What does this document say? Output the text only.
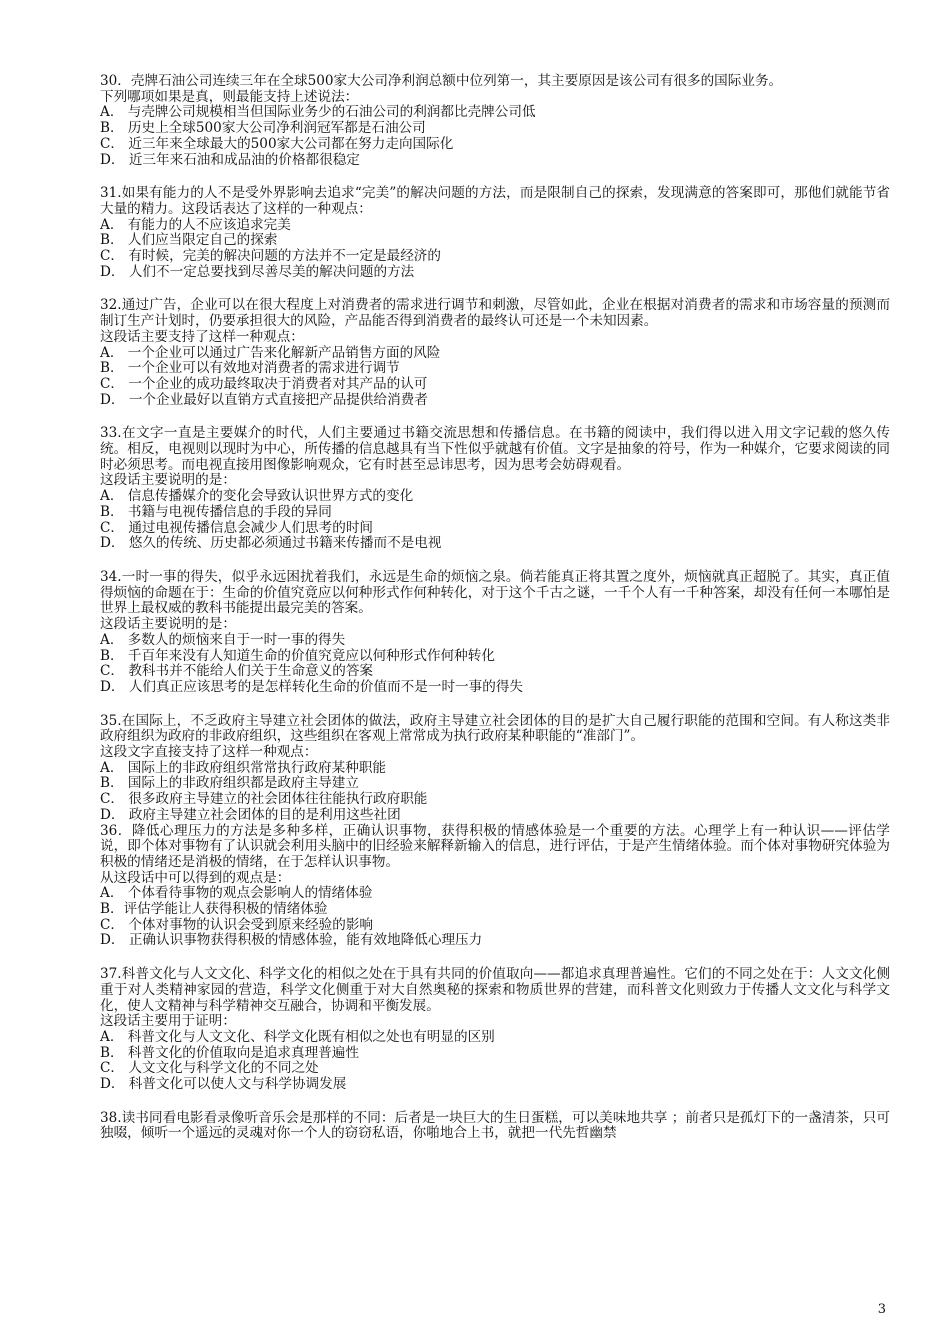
30．壳牌石油公司连续三年在全球500家大公司净利润总额中位列第一，其主要原因是该公司有很多的国际业务。
下列哪项如果是真，则最能支持上述说法：
A． 与壳牌公司规模相当但国际业务少的石油公司的利润都比壳牌公司低
B． 历史上全球500家大公司净利润冠军都是石油公司
C． 近三年来全球最大的500家大公司都在努力走向国际化
D． 近三年来石油和成品油的价格都很稳定
31.如果有能力的人不是受外界影响去追求“完美”的解决问题的方法，而是限制自己的探索，发现满意的答案即可，那他们就能节省大量的精力。这段话表达了这样的一种观点：
A． 有能力的人不应该追求完美
B． 人们应当限定自己的探索
C． 有时候，完美的解决问题的方法并不一定是最经济的
D． 人们不一定总要找到尽善尽美的解决问题的方法
32.通过广告，企业可以在很大程度上对消费者的需求进行调节和刺激，尽管如此，企业在根据对消费者的需求和市场容量的预测而制订生产计划时，仍要承担很大的风险，产品能否得到消费者的最终认可还是一个未知因素。
这段话主要支持了这样一种观点：
A． 一个企业可以通过广告来化解新产品销售方面的风险
B． 一个企业可以有效地对消费者的需求进行调节
C． 一个企业的成功最终取决于消费者对其产品的认可
D． 一个企业最好以直销方式直接把产品提供给消费者
33.在文字一直是主要媒介的时代，人们主要通过书籍交流思想和传播信息。在书籍的阅读中，我们得以进入用文字记载的悠久传统。相反，电视则以现时为中心，所传播的信息越具有当下性似乎就越有价值。文字是抽象的符号，作为一种媒介，它要求阅读的同时必须思考。而电视直接用图像影响观众，它有时甚至忌讳思考，因为思考会妨碍观看。
这段话主要说明的是：
A． 信息传播媒介的变化会导致认识世界方式的变化
B． 书籍与电视传播信息的手段的异同
C． 通过电视传播信息会减少人们思考的时间
D． 悠久的传统、历史都必须通过书籍来传播而不是电视
34.一时一事的得失，似乎永远困扰着我们，永远是生命的烦恼之泉。倘若能真正将其置之度外，烦恼就真正超脱了。其实，真正值得烦恼的命题在于：生命的价值究竟应以何种形式作何种转化，对于这个千古之谜，一千个人有一千种答案，却没有任何一本哪怕是世界上最权威的教科书能提出最完美的答案。
这段话主要说明的是：
A． 多数人的烦恼来自于一时一事的得失
B． 千百年来没有人知道生命的价值究竟应以何种形式作何种转化
C． 教科书并不能给人们关于生命意义的答案
D． 人们真正应该思考的是怎样转化生命的价值而不是一时一事的得失
35.在国际上，不乏政府主导建立社会团体的做法，政府主导建立社会团体的目的是扩大自己履行职能的范围和空间。有人称这类非政府组织为政府的非政府组织，这些组织在客观上常常成为执行政府某种职能的“准部门”。
这段文字直接支持了这样一种观点：
A． 国际上的非政府组织常常执行政府某种职能
B． 国际上的非政府组织都是政府主导建立
C． 很多政府主导建立的社会团体往往能执行政府职能
D． 政府主导建立社会团体的目的是利用这些社团
36．降低心理压力的方法是多种多样，正确认识事物，获得积极的情感体验是一个重要的方法。心理学上有一种认识——评估学说，即个体对事物有了认识就会利用头脑中的旧经验来解释新输入的信息，进行评估，于是产生情绪体验。而个体对事物研究体验为积极的情绪还是消极的情绪，在于怎样认识事物。
从这段话中可以得到的观点是：
A． 个体看待事物的观点会影响人的情绪体验
B．评估学能让人获得积极的情绪体验
C． 个体对事物的认识会受到原来经验的影响
D． 正确认识事物获得积极的情感体验，能有效地降低心理压力
37.科普文化与人文文化、科学文化的相似之处在于具有共同的价值取向——都追求真理普遍性。它们的不同之处在于：人文文化侧重于对人类精神家园的营造，科学文化侧重于对大自然奥秘的探索和物质世界的营建，而科普文化则致力于传播人文文化与科学文化，使人文精神与科学精神交互融合，协调和平衡发展。
这段话主要用于证明：
A． 科普文化与人文文化、科学文化既有相似之处也有明显的区别
B． 科普文化的价值取向是追求真理普遍性
C． 人文文化与科学文化的不同之处
D． 科普文化可以使人文与科学协调发展
38.读书同看电影看录像听音乐会是那样的不同：后者是一块巨大的生日蛋糕，可以美味地共享 ；前者只是孤灯下的一盏清茶，只可独啜，倾听一个遥远的灵魂对你一个人的窃窃私语，你啪地合上书，就把一代先哲幽禁
3
